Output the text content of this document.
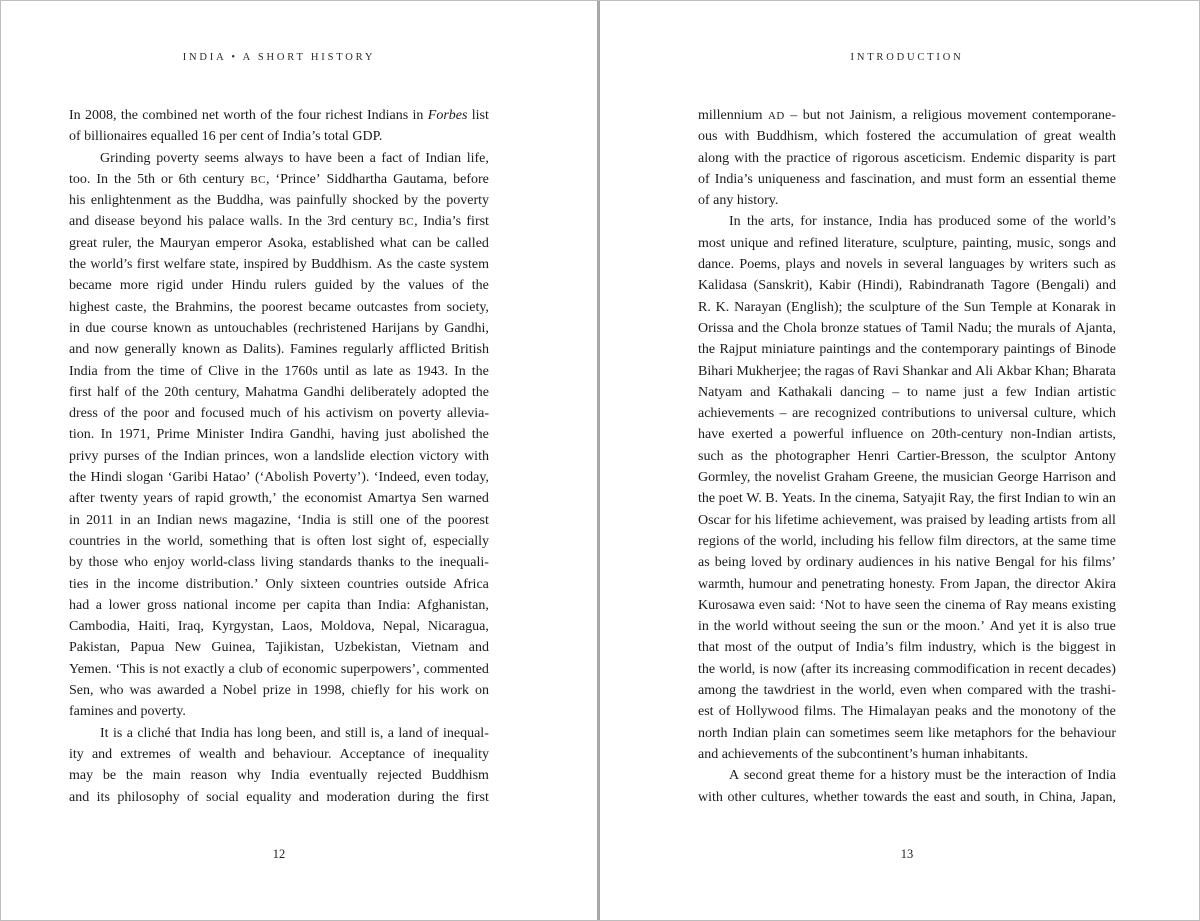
INDIA • A SHORT HISTORY
In 2008, the combined net worth of the four richest Indians in Forbes list
of billionaires equalled 16 per cent of India’s total GDP.
Grinding poverty seems always to have been a fact of Indian life,
too. In the 5th or 6th century BC, ‘Prince’ Siddhartha Gautama, before
his enlightenment as the Buddha, was painfully shocked by the poverty
and disease beyond his palace walls. In the 3rd century BC, India’s first
great ruler, the Mauryan emperor Asoka, established what can be called
the world’s first welfare state, inspired by Buddhism. As the caste system
became more rigid under Hindu rulers guided by the values of the
highest caste, the Brahmins, the poorest became outcastes from society,
in due course known as untouchables (rechristened Harijans by Gandhi,
and now generally known as Dalits). Famines regularly afflicted British
India from the time of Clive in the 1760s until as late as 1943. In the
first half of the 20th century, Mahatma Gandhi deliberately adopted the
dress of the poor and focused much of his activism on poverty allevia-
tion. In 1971, Prime Minister Indira Gandhi, having just abolished the
privy purses of the Indian princes, won a landslide election victory with
the Hindi slogan ‘Garibi Hatao’ (‘Abolish Poverty’). ‘Indeed, even today,
after twenty years of rapid growth,’ the economist Amartya Sen warned
in 2011 in an Indian news magazine, ‘India is still one of the poorest
countries in the world, something that is often lost sight of, especially
by those who enjoy world-class living standards thanks to the inequali-
ties in the income distribution.’ Only sixteen countries outside Africa
had a lower gross national income per capita than India: Afghanistan,
Cambodia, Haiti, Iraq, Kyrgystan, Laos, Moldova, Nepal, Nicaragua,
Pakistan, Papua New Guinea, Tajikistan, Uzbekistan, Vietnam and
Yemen. ‘This is not exactly a club of economic superpowers’, commented
Sen, who was awarded a Nobel prize in 1998, chiefly for his work on
famines and poverty.
It is a cliché that India has long been, and still is, a land of inequal-
ity and extremes of wealth and behaviour. Acceptance of inequality
may be the main reason why India eventually rejected Buddhism
and its philosophy of social equality and moderation during the first
12
INTRODUCTION
millennium AD – but not Jainism, a religious movement contemporane-
ous with Buddhism, which fostered the accumulation of great wealth
along with the practice of rigorous asceticism. Endemic disparity is part
of India’s uniqueness and fascination, and must form an essential theme
of any history.
In the arts, for instance, India has produced some of the world’s
most unique and refined literature, sculpture, painting, music, songs and
dance. Poems, plays and novels in several languages by writers such as
Kalidasa (Sanskrit), Kabir (Hindi), Rabindranath Tagore (Bengali) and
R. K. Narayan (English); the sculpture of the Sun Temple at Konarak in
Orissa and the Chola bronze statues of Tamil Nadu; the murals of Ajanta,
the Rajput miniature paintings and the contemporary paintings of Binode
Bihari Mukherjee; the ragas of Ravi Shankar and Ali Akbar Khan; Bharata
Natyam and Kathakali dancing – to name just a few Indian artistic
achievements – are recognized contributions to universal culture, which
have exerted a powerful influence on 20th-century non-Indian artists,
such as the photographer Henri Cartier-Bresson, the sculptor Antony
Gormley, the novelist Graham Greene, the musician George Harrison and
the poet W. B. Yeats. In the cinema, Satyajit Ray, the first Indian to win an
Oscar for his lifetime achievement, was praised by leading artists from all
regions of the world, including his fellow film directors, at the same time
as being loved by ordinary audiences in his native Bengal for his films’
warmth, humour and penetrating honesty. From Japan, the director Akira
Kurosawa even said: ‘Not to have seen the cinema of Ray means existing
in the world without seeing the sun or the moon.’ And yet it is also true
that most of the output of India’s film industry, which is the biggest in
the world, is now (after its increasing commodification in recent decades)
among the tawdriest in the world, even when compared with the trashi-
est of Hollywood films. The Himalayan peaks and the monotony of the
north Indian plain can sometimes seem like metaphors for the behaviour
and achievements of the subcontinent’s human inhabitants.
A second great theme for a history must be the interaction of India
with other cultures, whether towards the east and south, in China, Japan,
13
